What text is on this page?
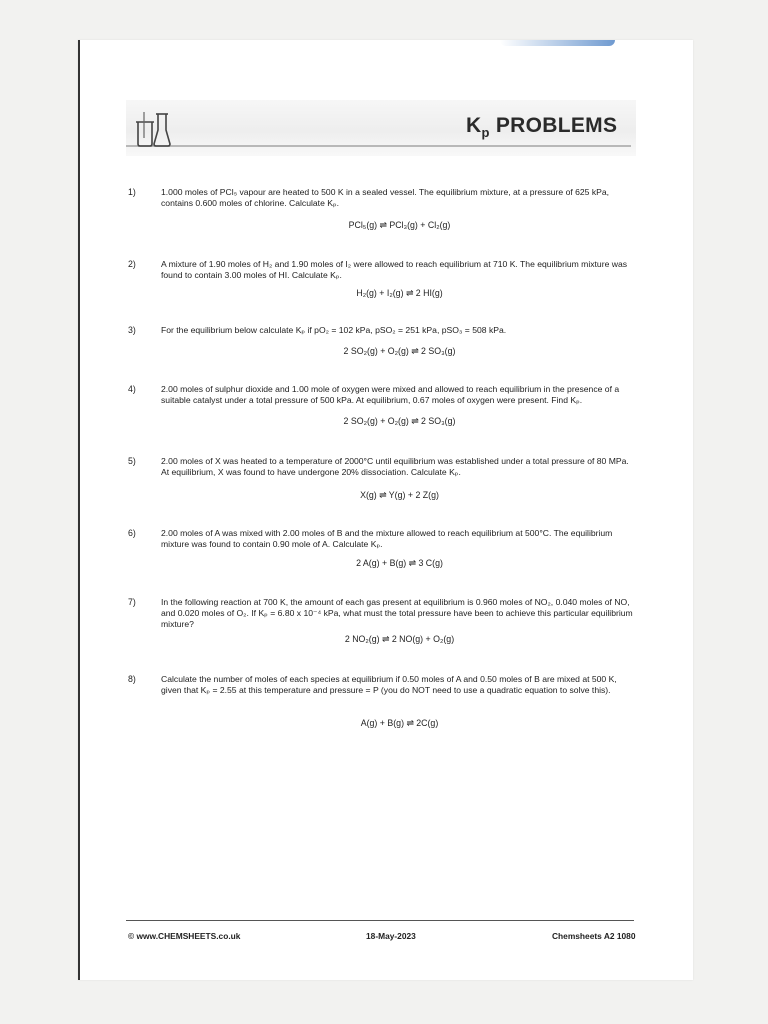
$K_p$ PROBLEMS
1)	1.000 moles of PCl₅ vapour are heated to 500 K in a sealed vessel. The equilibrium mixture, at a pressure of 625 kPa, contains 0.600 moles of chlorine. Calculate Kₚ.
PCl₅(g) ⇌ PCl₃(g) + Cl₂(g)
2)	A mixture of 1.90 moles of H₂ and 1.90 moles of I₂ were allowed to reach equilibrium at 710 K. The equilibrium mixture was found to contain 3.00 moles of HI. Calculate Kₚ.
H₂(g) + I₂(g) ⇌ 2 HI(g)
3)	For the equilibrium below calculate Kₚ if pO₂ = 102 kPa, pSO₂ = 251 kPa, pSO₃ = 508 kPa.
2 SO₂(g) + O₂(g) ⇌ 2 SO₃(g)
4)	2.00 moles of sulphur dioxide and 1.00 mole of oxygen were mixed and allowed to reach equilibrium in the presence of a suitable catalyst under a total pressure of 500 kPa. At equilibrium, 0.67 moles of oxygen were present. Find Kₚ.
2 SO₂(g) + O₂(g) ⇌ 2 SO₃(g)
5)	2.00 moles of X was heated to a temperature of 2000°C until equilibrium was established under a total pressure of 80 MPa. At equilibrium, X was found to have undergone 20% dissociation. Calculate Kₚ.
X(g) ⇌ Y(g) + 2 Z(g)
6)	2.00 moles of A was mixed with 2.00 moles of B and the mixture allowed to reach equilibrium at 500°C. The equilibrium mixture was found to contain 0.90 mole of A. Calculate Kₚ.
2 A(g) + B(g) ⇌ 3 C(g)
7)	In the following reaction at 700 K, the amount of each gas present at equilibrium is 0.960 moles of NO₂, 0.040 moles of NO, and 0.020 moles of O₂. If Kₚ = 6.80 x 10⁻⁴ kPa, what must the total pressure have been to achieve this particular equilibrium mixture?
2 NO₂(g) ⇌ 2 NO(g) + O₂(g)
8)	Calculate the number of moles of each species at equilibrium if 0.50 moles of A and 0.50 moles of B are mixed at 500 K, given that Kₚ = 2.55 at this temperature and pressure = P (you do NOT need to use a quadratic equation to solve this).
A(g) + B(g) ⇌ 2C(g)
© www.CHEMSHEETS.co.uk	18-May-2023	Chemsheets A2 1080
